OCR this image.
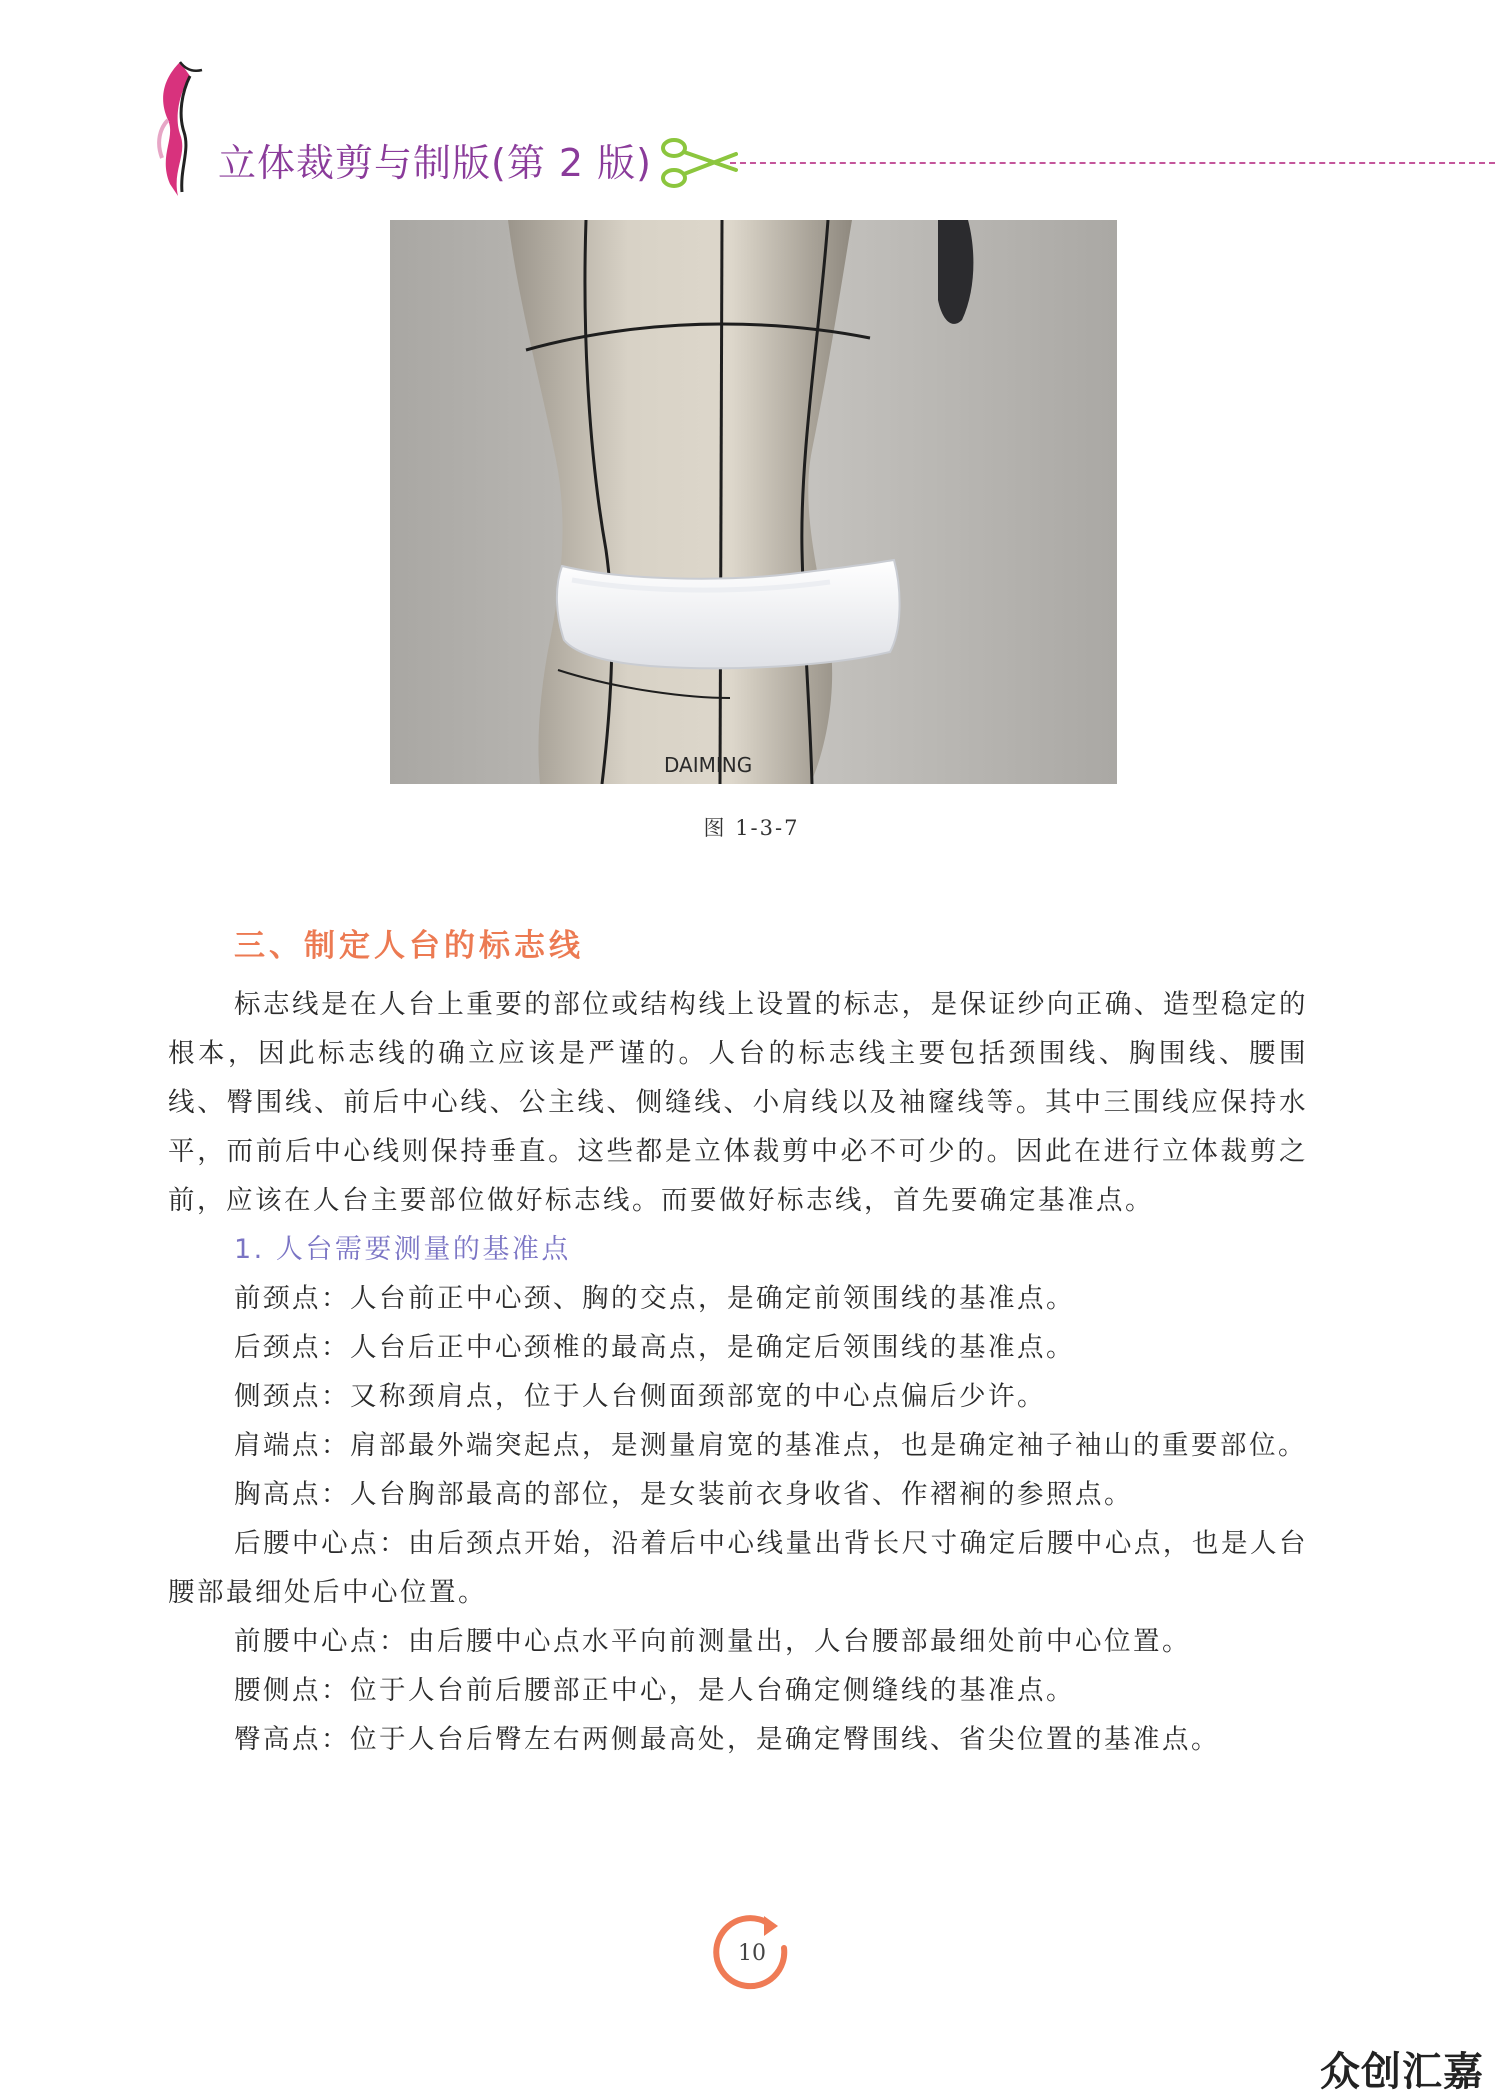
立体裁剪与制版(第 2 版)
DAIMING
图 1-3-7
三、制定人台的标志线

标志线是在人台上重要的部位或结构线上设置的标志，是保证纱向正确、造型稳定的根本，因此标志线的确立应该是严谨的。人台的标志线主要包括颈围线、胸围线、腰围线、臀围线、前后中心线、公主线、侧缝线、小肩线以及袖窿线等。其中三围线应保持水平，而前后中心线则保持垂直。这些都是立体裁剪中必不可少的。因此在进行立体裁剪之前，应该在人台主要部位做好标志线。而要做好标志线，首先要确定基准点。

1. 人台需要测量的基准点

前颈点：人台前正中心颈、胸的交点，是确定前领围线的基准点。

后颈点：人台后正中心颈椎的最高点，是确定后领围线的基准点。

侧颈点：又称颈肩点，位于人台侧面颈部宽的中心点偏后少许。

肩端点：肩部最外端突起点，是测量肩宽的基准点，也是确定袖子袖山的重要部位。

胸高点：人台胸部最高的部位，是女装前衣身收省、作褶裥的参照点。

后腰中心点：由后颈点开始，沿着后中心线量出背长尺寸确定后腰中心点，也是人台腰部最细处后中心位置。

前腰中心点：由后腰中心点水平向前测量出，人台腰部最细处前中心位置。

腰侧点：位于人台前后腰部正中心，是人台确定侧缝线的基准点。

臀高点：位于人台后臀左右两侧最高处，是确定臀围线、省尖位置的基准点。

10
众创汇嘉
